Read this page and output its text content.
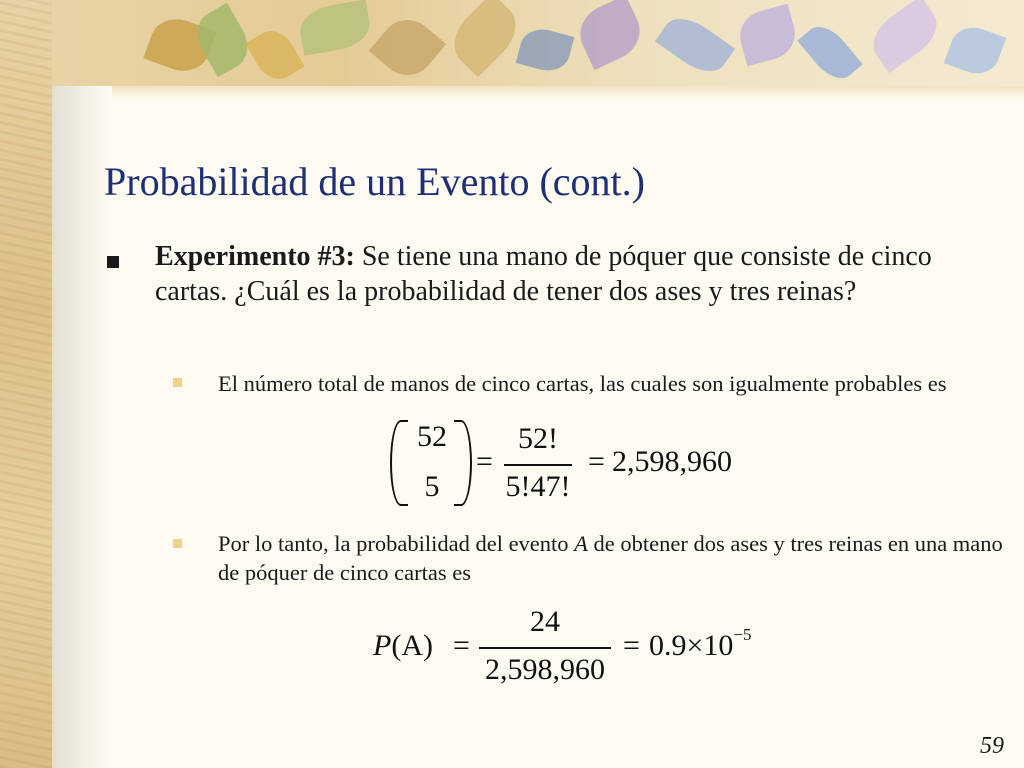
Probabilidad de un Evento (cont.)
Experimento #3: Se tiene una mano de póquer que consiste de cinco cartas. ¿Cuál es la probabilidad de tener dos ases y tres reinas?
El número total de manos de cinco cartas, las cuales son igualmente probables es
52
5
=
52!
5!47!
= 2,598,960
Por lo tanto, la probabilidad del evento A de obtener dos ases y tres reinas en una mano de póquer de cinco cartas es
P(A) =
24
2,598,960
= $0.9\times 10^{-5}$
59
